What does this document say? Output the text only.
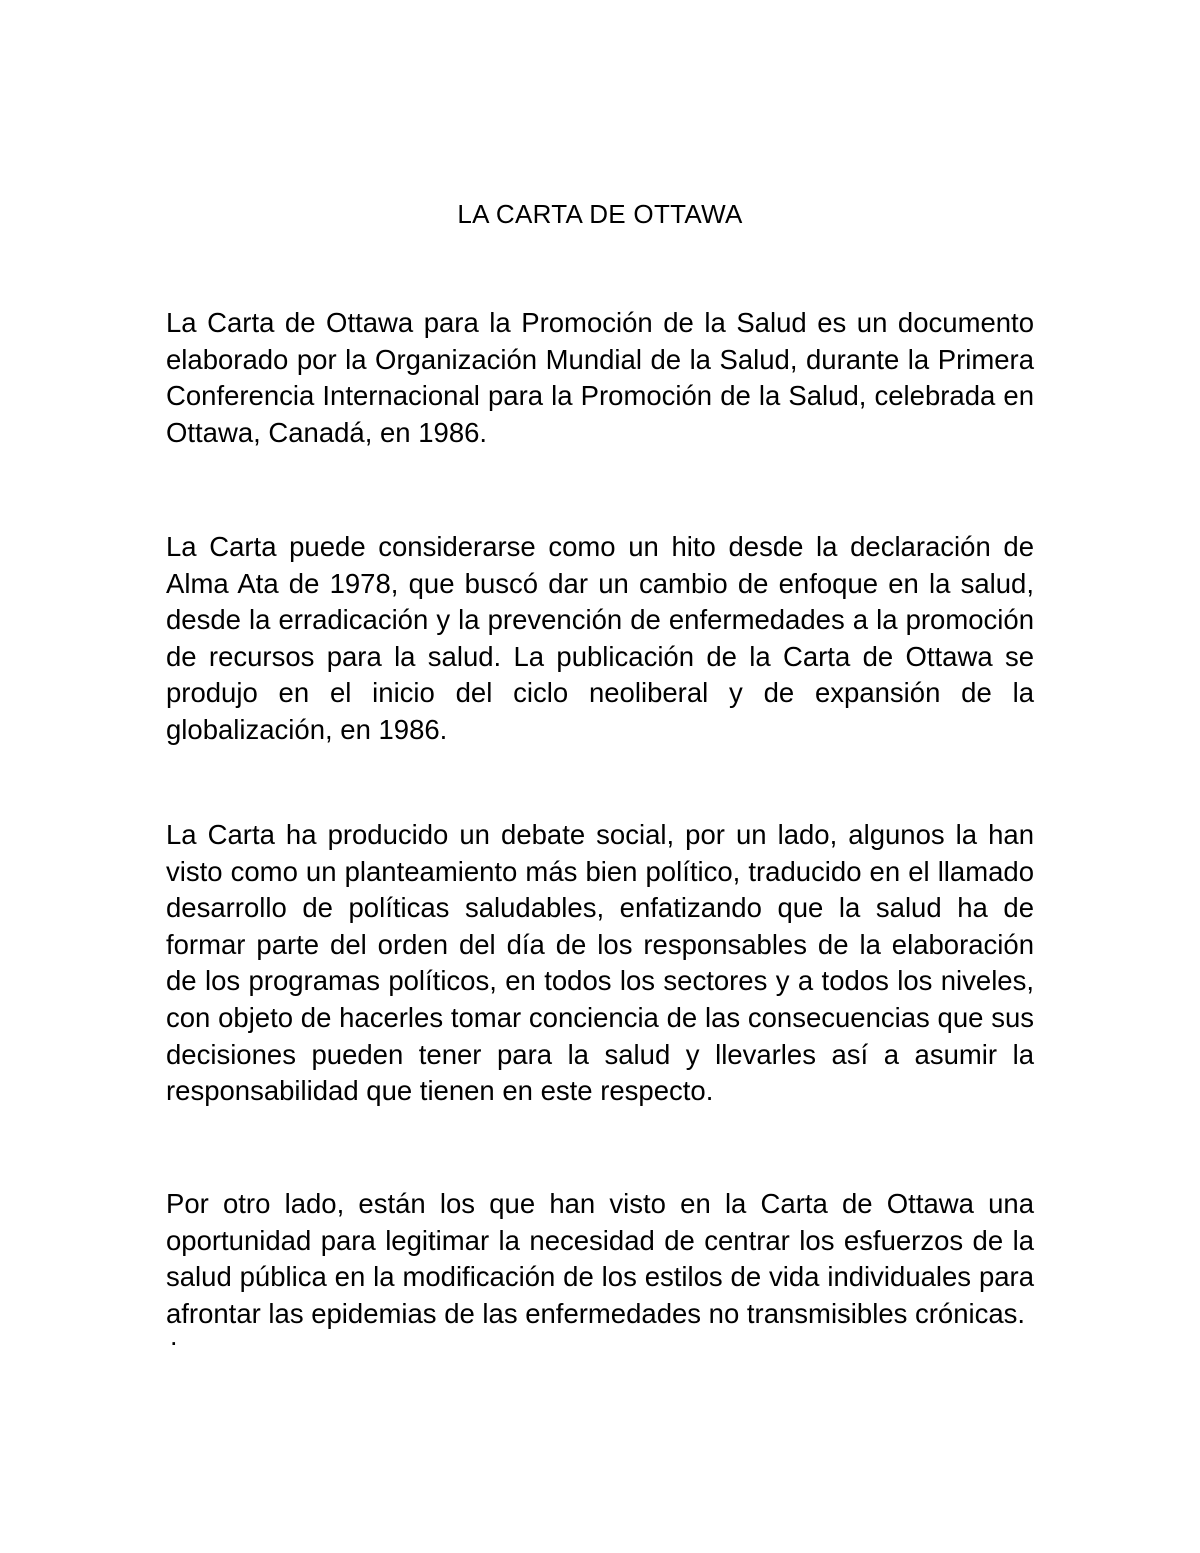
LA CARTA DE OTTAWA

La Carta de Ottawa para la Promoción de la Salud es un documento elaborado por la Organización Mundial de la Salud, durante la Primera Conferencia Internacional para la Promoción de la Salud, celebrada en Ottawa, Canadá, en 1986.

La Carta puede considerarse como un hito desde la declaración de Alma Ata de 1978, que buscó dar un cambio de enfoque en la salud, desde la erradicación y la prevención de enfermedades a la promoción de recursos para la salud. La publicación de la Carta de Ottawa se produjo en el inicio del ciclo neoliberal y de expansión de la globalización, en 1986.

La Carta ha producido un debate social, por un lado, algunos la han visto como un planteamiento más bien político, traducido en el llamado desarrollo de políticas saludables, enfatizando que la salud ha de formar parte del orden del día de los responsables de la elaboración de los programas políticos, en todos los sectores y a todos los niveles, con objeto de hacerles tomar conciencia de las consecuencias que sus decisiones pueden tener para la salud y llevarles así a asumir la responsabilidad que tienen en este respecto.

Por otro lado, están los que han visto en la Carta de Ottawa una oportunidad para legitimar la necesidad de centrar los esfuerzos de la salud pública en la modificación de los estilos de vida individuales para afrontar las epidemias de las enfermedades no transmisibles crónicas.

.
